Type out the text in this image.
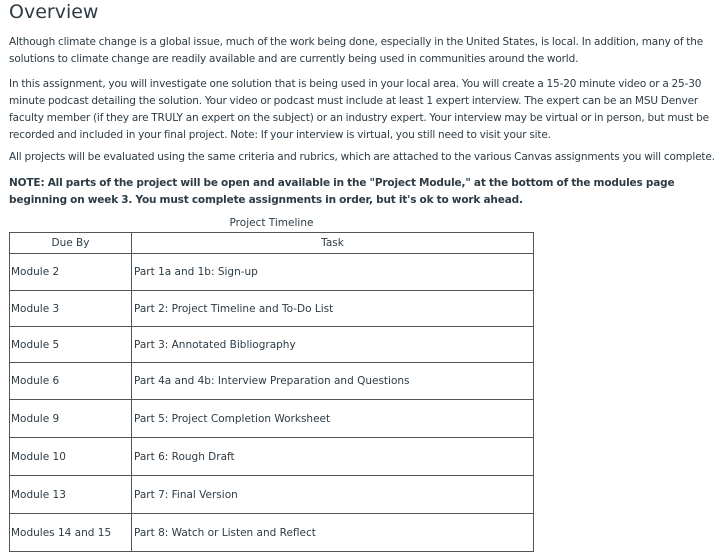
Overview

Although climate change is a global issue, much of the work being done, especially in the United States, is local. In addition, many of the solutions to climate change are readily available and are currently being used in communities around the world.

In this assignment, you will investigate one solution that is being used in your local area. You will create a 15-20 minute video or a 25-30 minute podcast detailing the solution. Your video or podcast must include at least 1 expert interview. The expert can be an MSU Denver faculty member (if they are TRULY an expert on the subject) or an industry expert. Your interview may be virtual or in person, but must be recorded and included in your final project. Note: If your interview is virtual, you still need to visit your site.

All projects will be evaluated using the same criteria and rubrics, which are attached to the various Canvas assignments you will complete.

NOTE: All parts of the project will be open and available in the "Project Module," at the bottom of the modules page beginning on week 3. You must complete assignments in order, but it's ok to work ahead.

Project Timeline
Due By	Task
Module 2	Part 1a and 1b: Sign-up
Module 3	Part 2: Project Timeline and To-Do List
Module 5	Part 3: Annotated Bibliography
Module 6	Part 4a and 4b: Interview Preparation and Questions
Module 9	Part 5: Project Completion Worksheet
Module 10	Part 6: Rough Draft
Module 13	Part 7: Final Version
Modules 14 and 15	Part 8: Watch or Listen and Reflect
